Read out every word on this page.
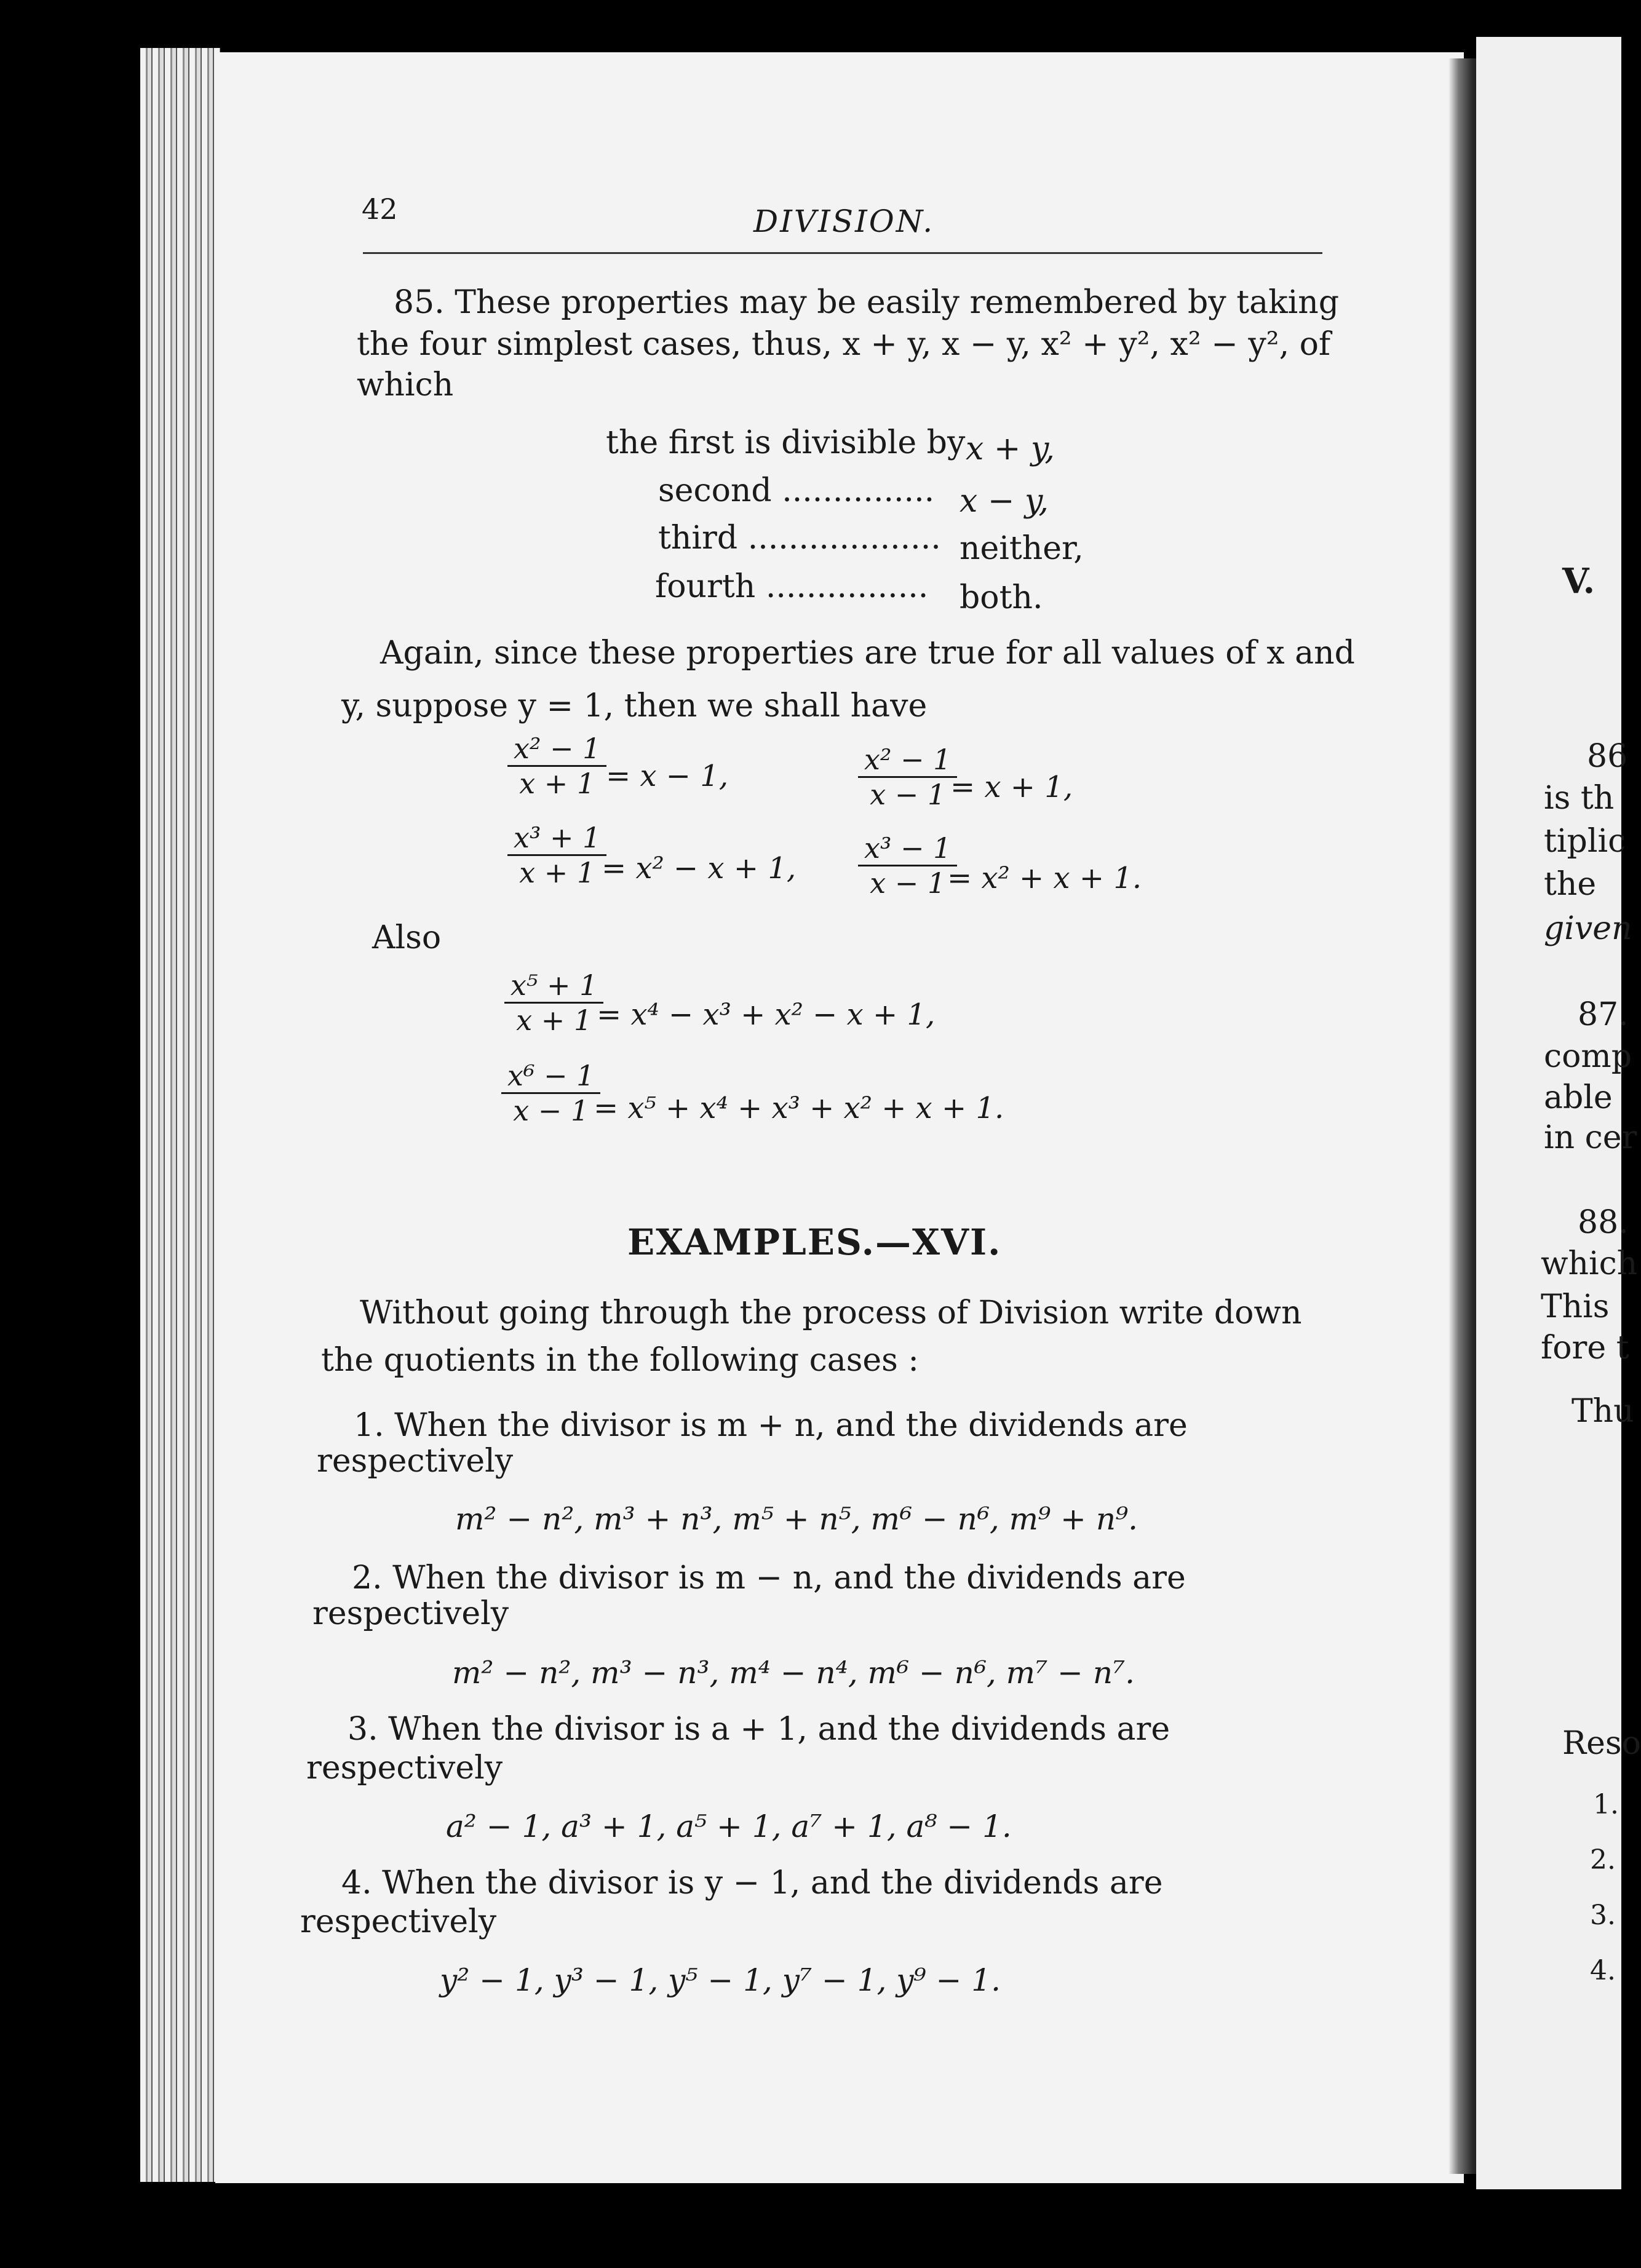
42	DIVISION.
85. These properties may be easily remembered by taking
the four simplest cases, thus, x + y, x − y, x² + y², x² − y², of
which
the first is divisible by x + y,
second ............... x − y,
third ................... neither,
fourth ................ both.
Again, since these properties are true for all values of x and
y, suppose y = 1, then we shall have
$\frac{\text{x² − 1}}{x + 1}$
= x − 1,	$\frac{\text{x² − 1}}{x - 1}$
= x + 1,
$\frac{\text{x³ + 1}}{x + 1}$
= x² − x + 1, $\frac{\text{x³ − 1}}{x - 1}$
= x² + x + 1.
Also
$\frac{\text{x⁵ + 1}}{x + 1}$
= x⁴ − x³ + x² − x + 1,
$\frac{\text{x⁶ − 1}}{x - 1}$
= x⁵ + x⁴ + x³ + x² + x + 1.
EXAMPLES.—XVI.
Without going through the process of Division write down
the quotients in the following cases :
1. When the divisor is m + n, and the dividends are
respectively
m² − n², m³ + n³, m⁵ + n⁵, m⁶ − n⁶, m⁹ + n⁹.
2. When the divisor is m − n, and the dividends are
respectively
m² − n², m³ − n³, m⁴ − n⁴, m⁶ − n⁶, m⁷ − n⁷.
3. When the divisor is a + 1, and the dividends are
respectively
a² − 1, a³ + 1, a⁵ + 1, a⁷ + 1, a⁸ − 1.
4. When the divisor is y − 1, and the dividends are
respectively
y² − 1, y³ − 1, y⁵ − 1, y⁷ − 1, y⁹ − 1.
V.
86
is th
tiplic
the
given
87.
comp
able
in cer
88.
which
This
fore t
Thu
Reso
1.
2.
3.
4.
